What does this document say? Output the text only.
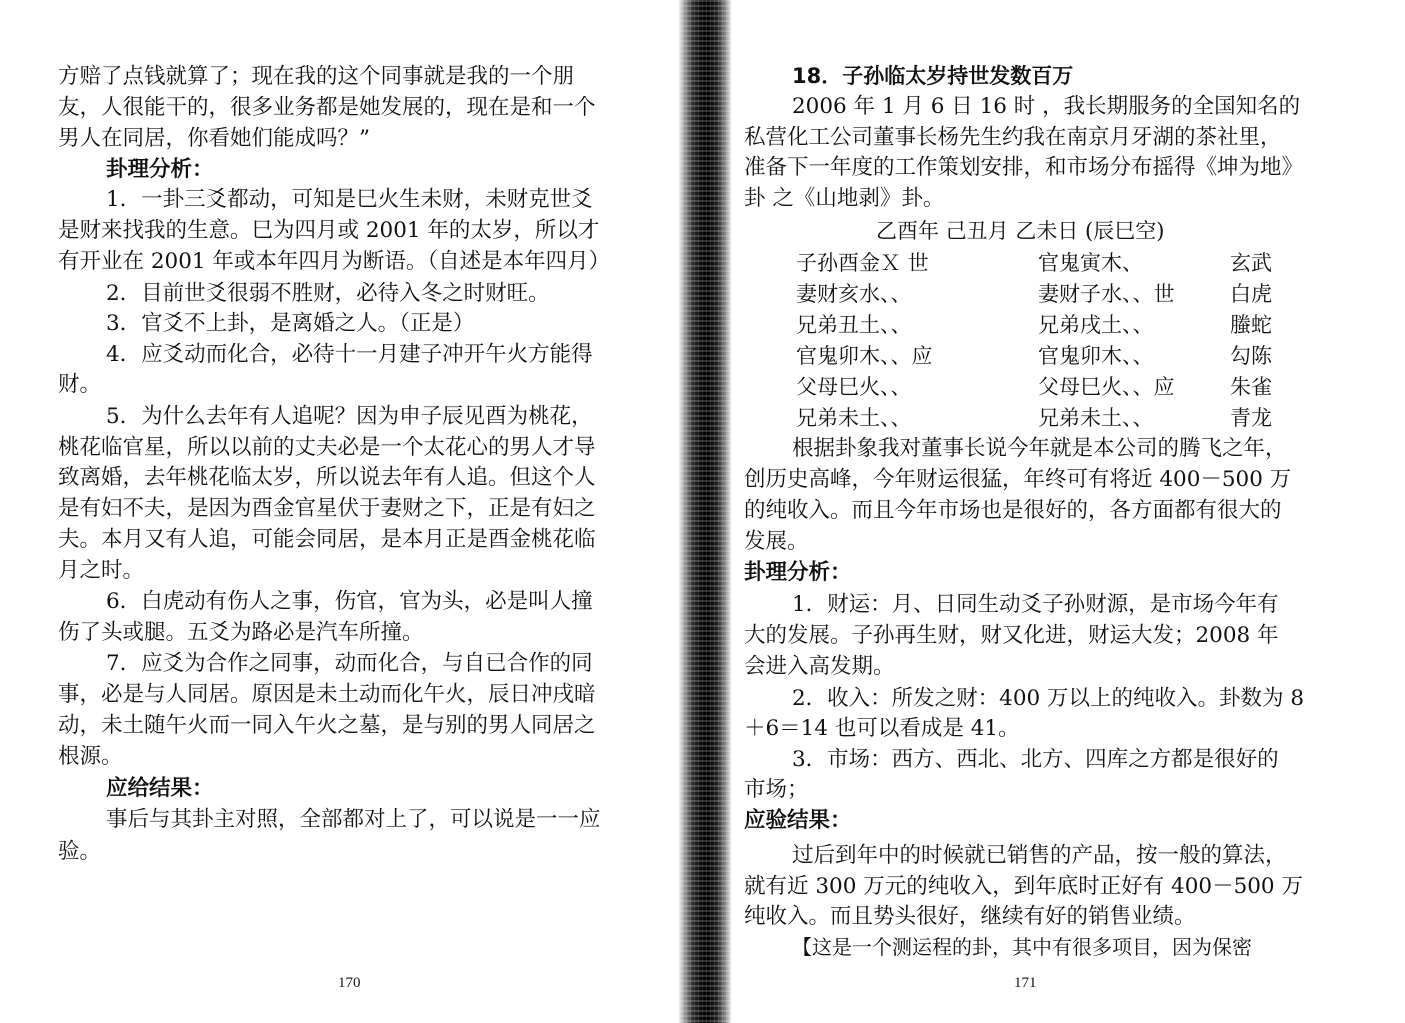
方赔了点钱就算了；现在我的这个同事就是我的一个朋
友，人很能干的，很多业务都是她发展的，现在是和一个
男人在同居，你看她们能成吗？”
卦理分析：
1．一卦三爻都动，可知是巳火生未财，未财克世爻
是财来找我的生意。巳为四月或 2001 年的太岁，所以才
有开业在 2001 年或本年四月为断语。（自述是本年四月）
2．目前世爻很弱不胜财，必待入冬之时财旺。
3．官爻不上卦，是离婚之人。（正是）
4．应爻动而化合，必待十一月建子冲开午火方能得
财。
5．为什么去年有人追呢？因为申子辰见酉为桃花，
桃花临官星，所以以前的丈夫必是一个太花心的男人才导
致离婚，去年桃花临太岁，所以说去年有人追。但这个人
是有妇不夫，是因为酉金官星伏于妻财之下，正是有妇之
夫。本月又有人追，可能会同居，是本月正是酉金桃花临
月之时。
6．白虎动有伤人之事，伤官，官为头，必是叫人撞
伤了头或腿。五爻为路必是汽车所撞。
7．应爻为合作之同事，动而化合，与自已合作的同
事，必是与人同居。原因是未土动而化午火，辰日冲戌暗
动，未土随午火而一同入午火之墓，是与别的男人同居之
根源。
应给结果：
事后与其卦主对照，全部都对上了，可以说是一一应
验。
170
18．子孙临太岁持世发数百万
2006 年 1 月 6 日 16 时 ，我长期服务的全国知名的
私营化工公司董事长杨先生约我在南京月牙湖的茶社里，
准备下一年度的工作策划安排，和市场分布摇得《坤为地》
卦 之《山地剥》卦。
乙酉年 己丑月 乙未日 (辰巳空)
子孙酉金Ｘ 世
妻财亥水、、
兄弟丑土、、
官鬼卯木、、应
父母巳火、、
兄弟未土、、
官鬼寅木、
妻财子水、、世
兄弟戌土、、
官鬼卯木、、
父母巳火、、应
兄弟未土、、
玄武
白虎
螣蛇
勾陈
朱雀
青龙
根据卦象我对董事长说今年就是本公司的腾飞之年，
创历史高峰，今年财运很猛，年终可有将近 400－500 万
的纯收入。而且今年市场也是很好的，各方面都有很大的
发展。
卦理分析：
1．财运：月、日同生动爻子孙财源，是市场今年有
大的发展。子孙再生财，财又化进，财运大发；2008 年
会进入高发期。
2．收入：所发之财：400 万以上的纯收入。卦数为 8
＋6＝14 也可以看成是 41。
3．市场：西方、西北、北方、四库之方都是很好的
市场；
应验结果：
过后到年中的时候就已销售的产品，按一般的算法，
就有近 300 万元的纯收入，到年底时正好有 400－500 万
纯收入。而且势头很好，继续有好的销售业绩。
【这是一个测运程的卦，其中有很多项目，因为保密
171
